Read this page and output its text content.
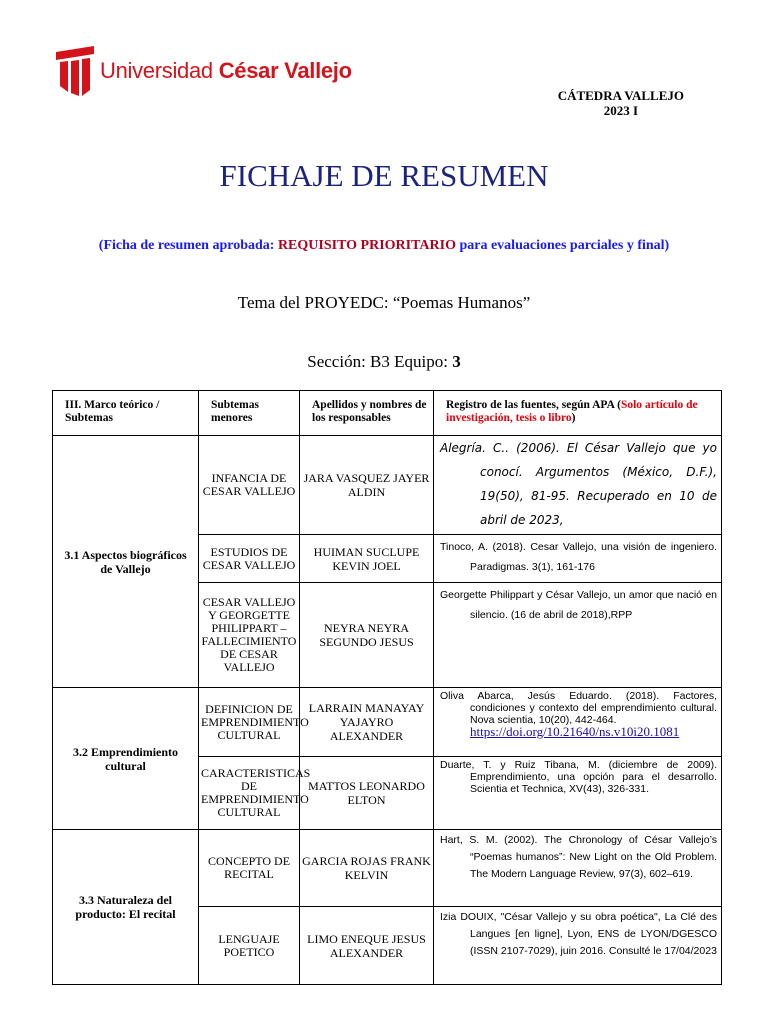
Universidad César Vallejo
CÁTEDRA VALLEJO
2023 I
FICHAJE DE RESUMEN
(Ficha de resumen aprobada: REQUISITO PRIORITARIO para evaluaciones parciales y final)
Tema del PROYEDC: “Poemas Humanos”
Sección: B3 Equipo: 3
III. Marco teórico / Subtemas	Subtemas menores	Apellidos y nombres de los responsables	Registro de las fuentes, según APA (Solo artículo de investigación, tesis o libro)
3.1 Aspectos biográficos de Vallejo	INFANCIA DE CESAR VALLEJO	JARA VASQUEZ JAYER ALDIN	Alegría. C.. (2006). El César Vallejo que yo conocí. Argumentos (México, D.F.), 19(50), 81-95. Recuperado en 10 de abril de 2023,

	ESTUDIOS DE CESAR VALLEJO	HUIMAN SUCLUPE KEVIN JOEL	Tinoco, A. (2018). Cesar Vallejo, una visión de ingeniero. Paradigmas. 3(1), 161-176

	CESAR VALLEJO Y GEORGETTE PHILIPPART – FALLECIMIENTO DE CESAR VALLEJO	NEYRA NEYRA SEGUNDO JESUS	Georgette Philippart y César Vallejo, un amor que nació en silencio. (16 de abril de 2018),RPP

3.2 Emprendimiento cultural	DEFINICION DE EMPRENDIMIENTO CULTURAL	LARRAIN MANAYAY YAJAYRO ALEXANDER	Oliva Abarca, Jesús Eduardo. (2018). Factores, condiciones y contexto del emprendimiento cultural. Nova scientia, 10(20), 442-464.
https://doi.org/10.21640/ns.v10i20.1081

	CARACTERISTICAS DE EMPRENDIMIENTO CULTURAL	MATTOS LEONARDO ELTON	Duarte, T. y Ruiz Tibana, M. (diciembre de 2009). Emprendimiento, una opción para el desarrollo. Scientia et Technica, XV(43), 326-331.

3.3 Naturaleza del producto: El recital	CONCEPTO DE RECITAL	GARCIA ROJAS FRANK KELVIN	Hart, S. M. (2002). The Chronology of César Vallejo’s “Poemas humanos”: New Light on the Old Problem. The Modern Language Review, 97(3), 602–619.

	LENGUAJE POETICO	LIMO ENEQUE JESUS ALEXANDER	Izia DOUIX, "César Vallejo y su obra poética", La Clé des Langues [en ligne], Lyon, ENS de LYON/DGESCO (ISSN 2107-7029), juin 2016. Consulté le 17/04/2023
